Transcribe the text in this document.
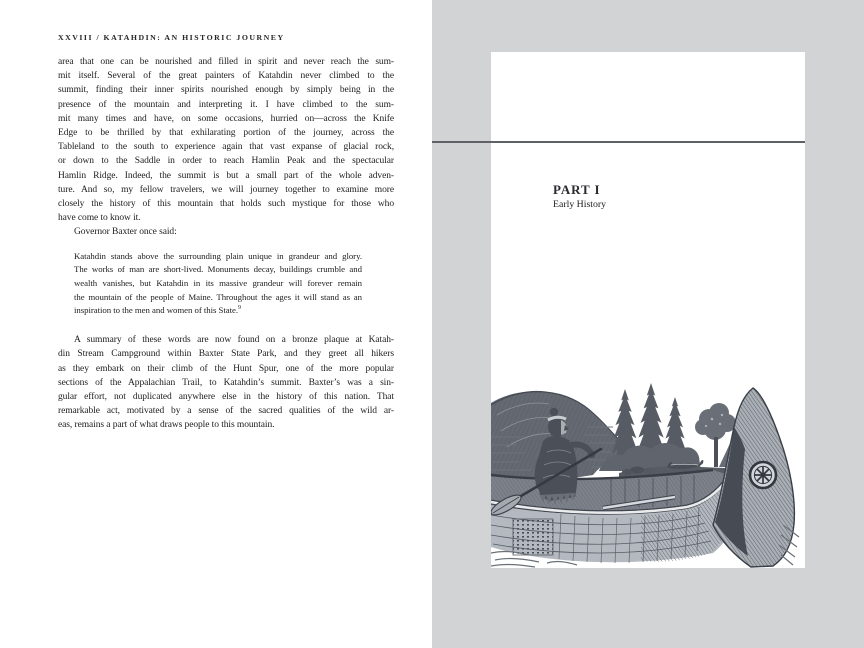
XXVIII / KATAHDIN: AN HISTORIC JOURNEY
area that one can be nourished and filled in spirit and never reach the sum-
mit itself. Several of the great painters of Katahdin never climbed to the
summit, finding their inner spirits nourished enough by simply being in the
presence of the mountain and interpreting it. I have climbed to the sum-
mit many times and have, on some occasions, hurried on—across the Knife
Edge to be thrilled by that exhilarating portion of the journey, across the
Tableland to the south to experience again that vast expanse of glacial rock,
or down to the Saddle in order to reach Hamlin Peak and the spectacular
Hamlin Ridge. Indeed, the summit is but a small part of the whole adven-
ture. And so, my fellow travelers, we will journey together to examine more
closely the history of this mountain that holds such mystique for those who
have come to know it.
Governor Baxter once said:
Katahdin stands above the surrounding plain unique in grandeur and glory.
The works of man are short-lived. Monuments decay, buildings crumble and
wealth vanishes, but Katahdin in its massive grandeur will forever remain
the mountain of the people of Maine. Throughout the ages it will stand as an
inspiration to the men and women of this State.$^9$
A summary of these words are now found on a bronze plaque at Katah-
din Stream Campground within Baxter State Park, and they greet all hikers
as they embark on their climb of the Hunt Spur, one of the more popular
sections of the Appalachian Trail, to Katahdin’s summit. Baxter’s was a sin-
gular effort, not duplicated anywhere else in the history of this nation. That
remarkable act, motivated by a sense of the sacred qualities of the wild ar-
eas, remains a part of what draws people to this mountain.
PART I
Early History
